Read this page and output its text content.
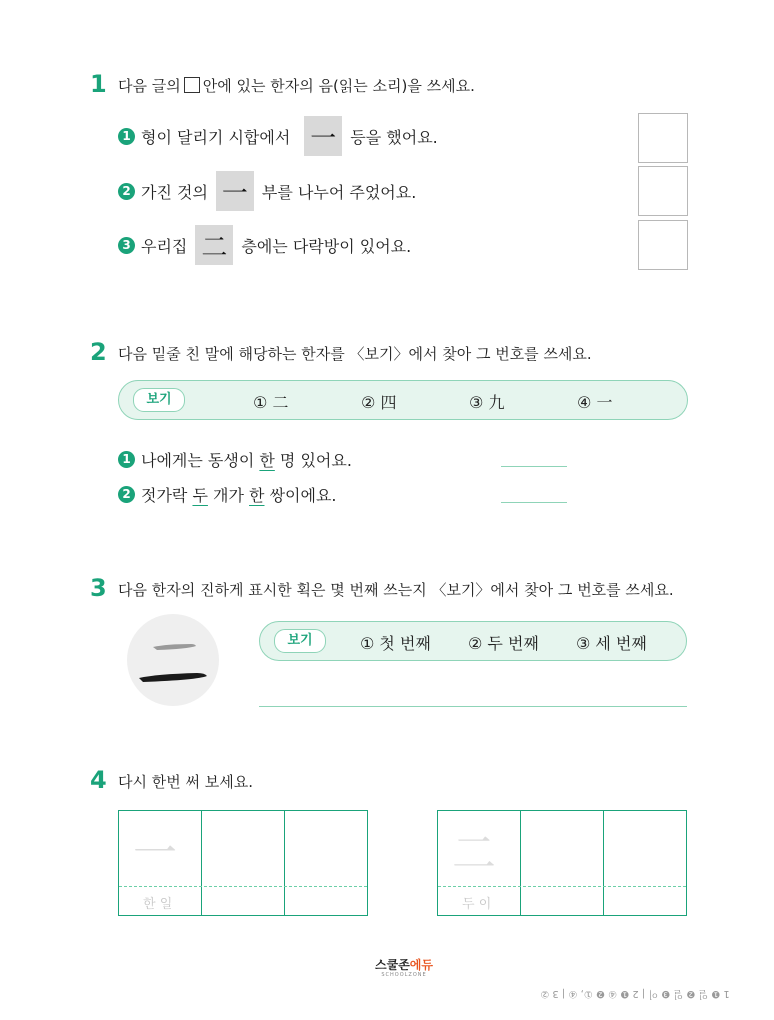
1 다음 글의 안에 있는 한자의 음(읽는 소리)을 쓰세요.
1 형이 달리기 시합에서 一 등을 했어요.
2 가진 것의 一 부를 나누어 주었어요.
3 우리집 二 층에는 다락방이 있어요.
2 다음 밑줄 친 말에 해당하는 한자를 〈보기〉에서 찾아 그 번호를 쓰세요.
보기	① 二	② 四	③ 九	④ 一
1 나에게는 동생이 한 명 있어요.
2 젓가락 두 개가 한 쌍이에요.
3 다음 한자의 진하게 표시한 획은 몇 번째 쓰는지 〈보기〉에서 찾아 그 번호를 쓰세요.
보기	① 첫 번째 ② 두 번째 ③ 세 번째
4 다시 한번 써 보세요.
一
한 일
二
두 이
스쿨존에듀
SCHOOLZONE
1 ❶ 일 ❷ 일 ❸ 이 | 2 ❶ ④ ❷ ①, ④ | 3 ②
